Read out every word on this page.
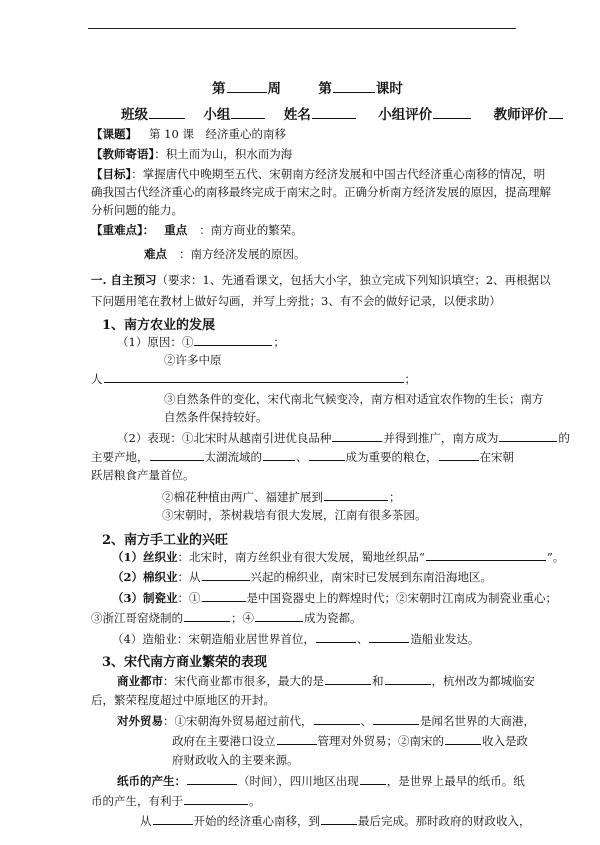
第	周	第	课时
班级	小组	姓名	小组评价	教师评价
【课题】 第 10 课　经济重心的南移
【教师寄语】：积土而为山，积水而为海
【目标】：掌握唐代中晚期至五代、宋朝南方经济发展和中国古代经济重心南移的情况，明
确我国古代经济重心的南移最终完成于南宋之时。正确分析南方经济发展的原因，提高理解
分析问题的能力。
【重难点】： 重点 ：南方商业的繁荣。
难点 ：南方经济发展的原因。
一. 自主预习（要求：1、先通看课文，包括大小字，独立完成下列知识填空；2、再根据以
下问题用笔在教材上做好勾画，并写上旁批；3、有不会的做好记录，以便求助）
1、南方农业的发展
（1）原因：①	；
②许多中原
人	；
③自然条件的变化，宋代南北气候变冷，南方相对适宜农作物的生长；南方
自然条件保持较好。
（2）表现：①北宋时从越南引进优良品种	并得到推广，南方成为	的
主要产地，	太湖流域的	、	成为重要的粮仓，	在宋朝
跃居粮食产量首位。
②棉花种植由两广、福建扩展到	；
③宋朝时，茶树栽培有很大发展，江南有很多茶园。
2、南方手工业的兴旺
（1）丝织业：北宋时，南方丝织业有很大发展，蜀地丝织品“	”。
（2）棉织业：从	兴起的棉织业，南宋时已发展到东南沿海地区。
（3）制瓷业：①	是中国瓷器史上的辉煌时代；②宋朝时江南成为制瓷业重心；
③浙江哥窑烧制的	；④	成为瓷都。
（4）造船业：宋朝造船业居世界首位，	、	造船业发达。
3、宋代南方商业繁荣的表现
商业都市：宋代商业都市很多，最大的是	和	，杭州改为都城临安
后，繁荣程度超过中原地区的开封。
对外贸易：①宋朝海外贸易超过前代，	、	是闻名世界的大商港，
政府在主要港口设立	管理对外贸易；②南宋的	收入是政
府财政收入的主要来源。
纸币的产生：	（时间），四川地区出现 ，是世界上最早的纸币。纸
币的产生，有利于	。
从	开始的经济重心南移，到	最后完成。那时政府的财政收入，
